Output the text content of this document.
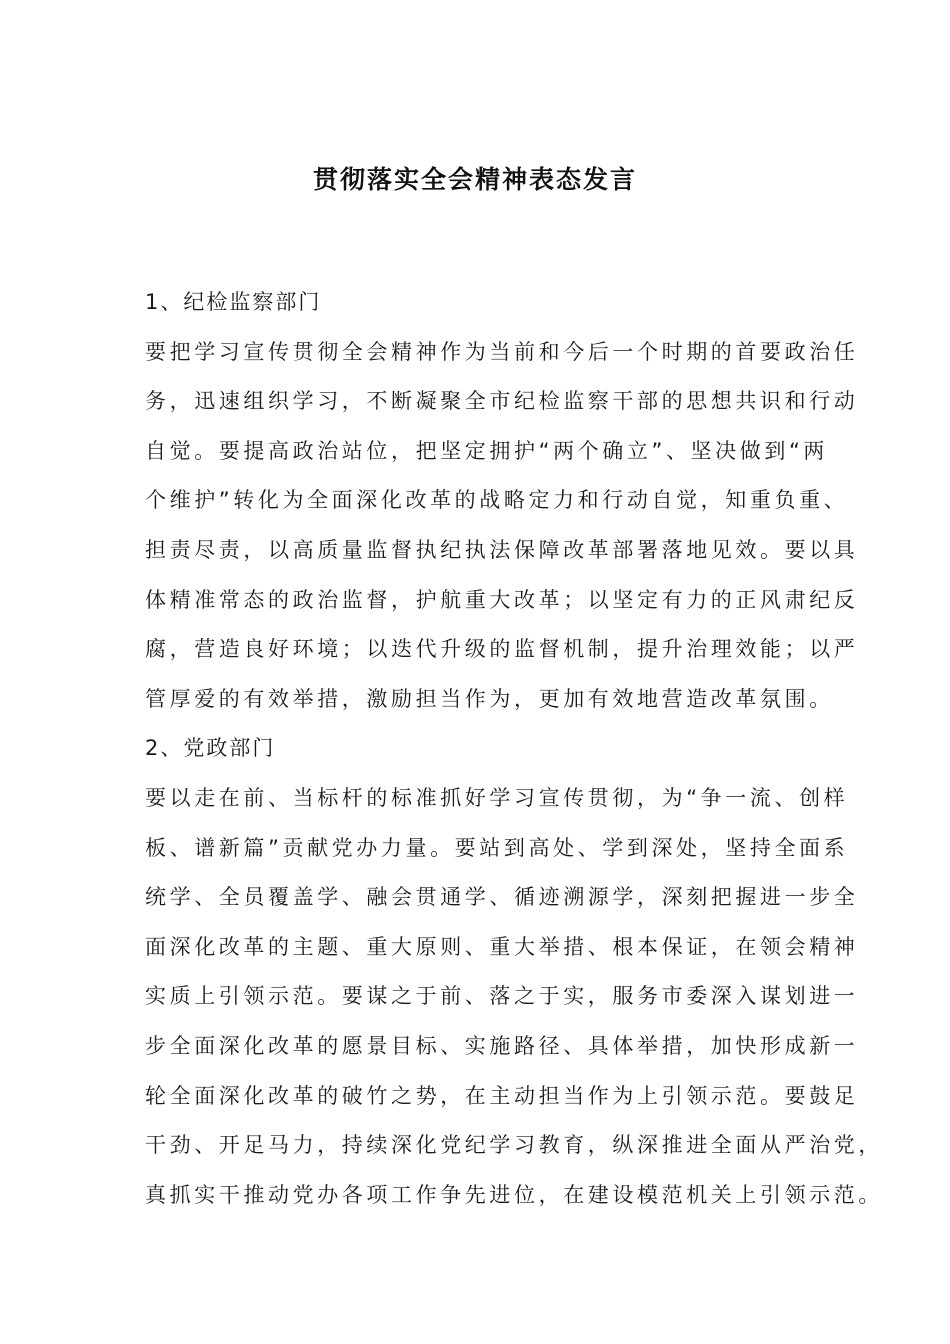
贯彻落实全会精神表态发言
1、纪检监察部门
要把学习宣传贯彻全会精神作为当前和今后一个时期的首要政治任
务，迅速组织学习，不断凝聚全市纪检监察干部的思想共识和行动
自觉。要提高政治站位，把坚定拥护“两个确立”、坚决做到“两
个维护”转化为全面深化改革的战略定力和行动自觉，知重负重、
担责尽责，以高质量监督执纪执法保障改革部署落地见效。要以具
体精准常态的政治监督，护航重大改革；以坚定有力的正风肃纪反
腐，营造良好环境；以迭代升级的监督机制，提升治理效能；以严
管厚爱的有效举措，激励担当作为，更加有效地营造改革氛围。
2、党政部门
要以走在前、当标杆的标准抓好学习宣传贯彻，为“争一流、创样
板、谱新篇”贡献党办力量。要站到高处、学到深处，坚持全面系
统学、全员覆盖学、融会贯通学、循迹溯源学，深刻把握进一步全
面深化改革的主题、重大原则、重大举措、根本保证，在领会精神
实质上引领示范。要谋之于前、落之于实，服务市委深入谋划进一
步全面深化改革的愿景目标、实施路径、具体举措，加快形成新一
轮全面深化改革的破竹之势，在主动担当作为上引领示范。要鼓足
干劲、开足马力，持续深化党纪学习教育，纵深推进全面从严治党，
真抓实干推动党办各项工作争先进位，在建设模范机关上引领示范。
